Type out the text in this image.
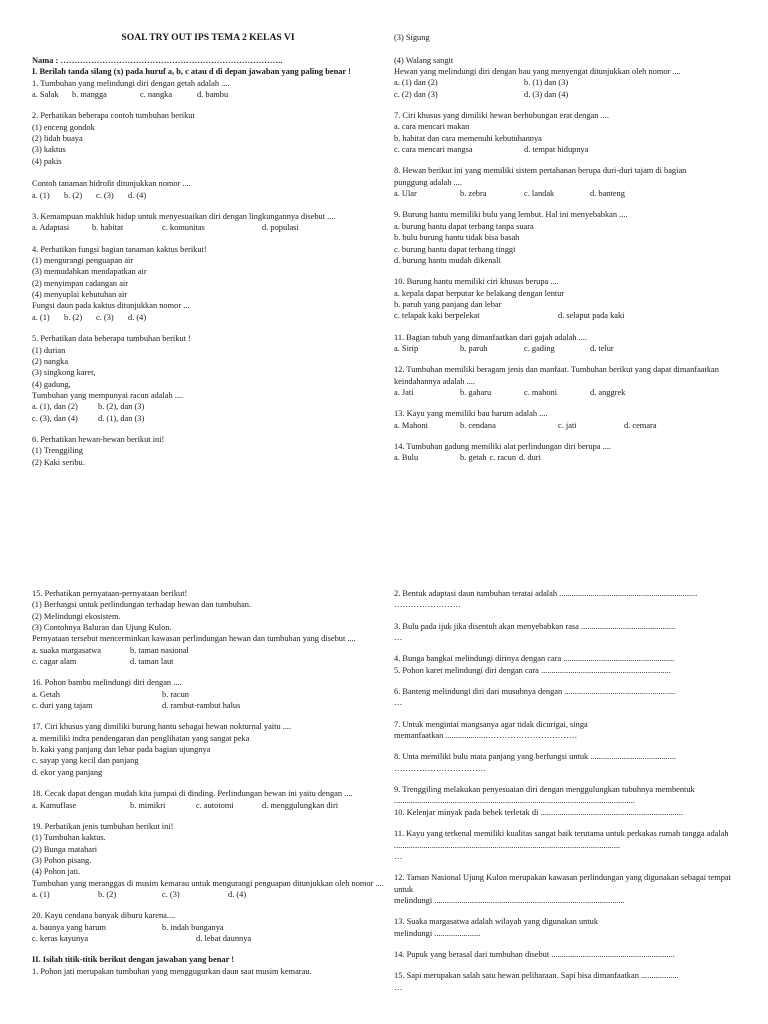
SOAL TRY OUT IPS TEMA 2 KELAS VI
Nama : ……………………………………………………………………..
I. Berilah tanda silang (x) pada huruf a, b, c atau d di depan jawaban yang paling benar !
1. Tumbuhan yang melindungi diri dengan getah adalah ....
a. Salak b. mangga	c. nangka	d. bambu
2. Perhatikan beberapa contoh tumbuhan berikut
(1) enceng gondok
(2) lidah buaya
(3) kaktus
(4) pakis

Contoh tanaman hidrofit ditunjukkan nomor ....
a. (1) b. (2) c. (3) d. (4)
3. Kemampuan makhluk hidup untuk menyesuaikan diri dengan lingkungannya disebut ....
a. Adaptasi	b. habitat	c. komunitas	d. populasi
4. Perhatikan fungsi bagian tanaman kaktus berikut!
(1) mengurangi penguapan air
(3) memudahkan mendapatkan air
(2) menyimpan cadangan air
(4) menyuplai kebutuhan air
Fungsi daun pada kaktus ditunjukkan nomor ...
a. (1) b. (2) c. (3) d. (4)
5. Perhatikan data beberapa tumbuhan berikut !
(1) durian
(2) nangka
(3) singkong karet,
(4) gadung,
Tumbuhan yang mempunyai racun adalah ....
a. (1), dan (2) b. (2), dan (3)
c. (3), dan (4) d. (1), dan (3)
6. Perhatikan hewan-hewan berikut ini!
(1) Trenggiling
(2) Kaki seribu.
(3) Sigung

(4) Walang sangit
Hewan yang melindungi diri dengan bau yang menyengat ditunjukkan oleh nomor ....
a. (1) dan (2)	b. (1) dan (3)
c. (2) dan (3)	d. (3) dan (4)
7. Ciri khusus yang dimiliki hewan berhubungan erat dengan ....
a. cara mencari makan
b. habitat dan cara memenuhi kebutuhannya
c. cara mencari mangsa	d. tempat hidupnya
8. Hewan berikut ini yang memiliki sistem pertahanan berupa duri-duri tajam di bagian
punggung adalah ....
a. Ular	b. zebra	c. landak	d. banteng
9. Burung hantu memiliki bulu yang lembut. Hal ini menyebabkan ....
a. burung hantu dapat terbang tanpa suara
b. bulu burung hantu tidak bisa basah
c. burung hantu dapat terbang tinggi
d. burung hantu mudah dikenali
10. Burung hantu memiliki ciri khusus berupa ....
a. kepala dapat berputar ke belakang dengan lentur
b. paruh yang panjang dan lebar
c. telapak kaki berpelekat	d. selaput pada kaki
11. Bagian tubuh yang dimanfaatkan dari gajah adalah ....
a. Sirip	b. paruh	c. gading	d. telur
12. Tumbuhan memiliki beragam jenis dan manfaat. Tumbuhan berikut yang dapat dimanfaatkan keindahannya adalah ....
a. Jati	b. gaharu	c. mahoni	d. anggrek
13. Kayu yang memiliki bau harum adalah ....
a. Mahoni	b. cendana	c. jati	d. cemara
14. Tumbuhan gadung memiliki alat perlindungan diri berupa ....
a. Bulu	b. getah c. racun d. duri
15. Perhatikan pernyataan-pernyataan berikut!
(1) Berfungsi untuk perlindungan terhadap hewan dan tumbuhan.
(2) Melindungi ekosistem.
(3) Contohnya Baluran dan Ujung Kulon.
Pernyataan tersebut mencerminkan kawasan perlindungan hewan dan tumbuhan yang disebut ....
a. suaka margasatwa	b. taman nasional
c. cagar alam	d. taman laut
16. Pohon bambu melindungi diri dengan ....
a. Getah	b. racun
c. duri yang tajam	d. rambut-rambut halus
17. Ciri khusus yang dimiliki burung hantu sebagai hewan nokturnal yaitu ....
a. memiliki indra pendengaran dan penglihatan yang sangat peka
b. kaki yang panjang dan lebar pada bagian ujungnya
c. sayap yang kecil dan panjang
d. ekor yang panjang
18. Cecak dapat dengan mudah kita jumpai di dinding. Perlindungan hewan ini yaitu dengan ....
a. Kamuflase	b. mimikri	c. autotomi	d. menggulungkan diri
19. Perhatikan jenis tumbuhan berikut ini!
(1) Tumbuhan kaktus.
(2) Bunga matahari
(3) Pohon pisang.
(4) Pohon jati.
Tumbuhan yang meranggas di musim kemarau untuk mengurangi penguapan ditunjukkan oleh nomor ....
a. (1)	b. (2)	c. (3)	d. (4)
20. Kayu cendana banyak diburu karena....
a. baunya yang harum	b. indah bunganya
c. keras kayunya	d. lebat daunnya
II. Isilah titik-titik berikut dengan jawaban yang benar !
1. Pohon jati merupakan tumbuhan yang menggugurkan daun saat musim kemarau.
2. Bentuk adaptasi daun tumbuhan teratai adalah ..................................................................
……………………
3. Bulu pada ijuk jika disentuh akan menyebabkan rasa .............................................
…
4. Bunga bangkai melindungi dirinya dengan cara .....................................................
5. Pohon karet melindungi diri dengan cara ..............................................................
6. Banteng melindungi diri dari musuhnya dengan .....................................................
…
7. Untuk mengintai mangsanya agar tidak dicurigai, singa
memanfaatkan ...................……………………………
8. Unta memiliki bulu mata panjang yang berfungsi untuk .........................................
……………………………
9. Trenggiling melakukan penyesuaian diri dengan menggulungkan tubuhnya membentuk ...................................................................................................................
10. Kelenjar minyak pada bebek terletak di ....................................................................
11. Kayu yang terkenal memiliki kualitas sangat baik terutama untuk perkakas rumah tangga adalah ............................................................................................................
…
12. Taman Nasional Ujung Kulon merupakan kawasan perlindungan yang digunakan sebagai tempat untuk
melindungi ...........................................................................................
13. Suaka margasatwa adalah wilayah yang digunakan untuk
melindungi ......................
14. Pupuk yang berasal dari tumbuhan disebut ...........................................................
15. Sapi merupakan salah satu hewan peliharaan. Sapi bisa dimanfaatkan ..................
…
